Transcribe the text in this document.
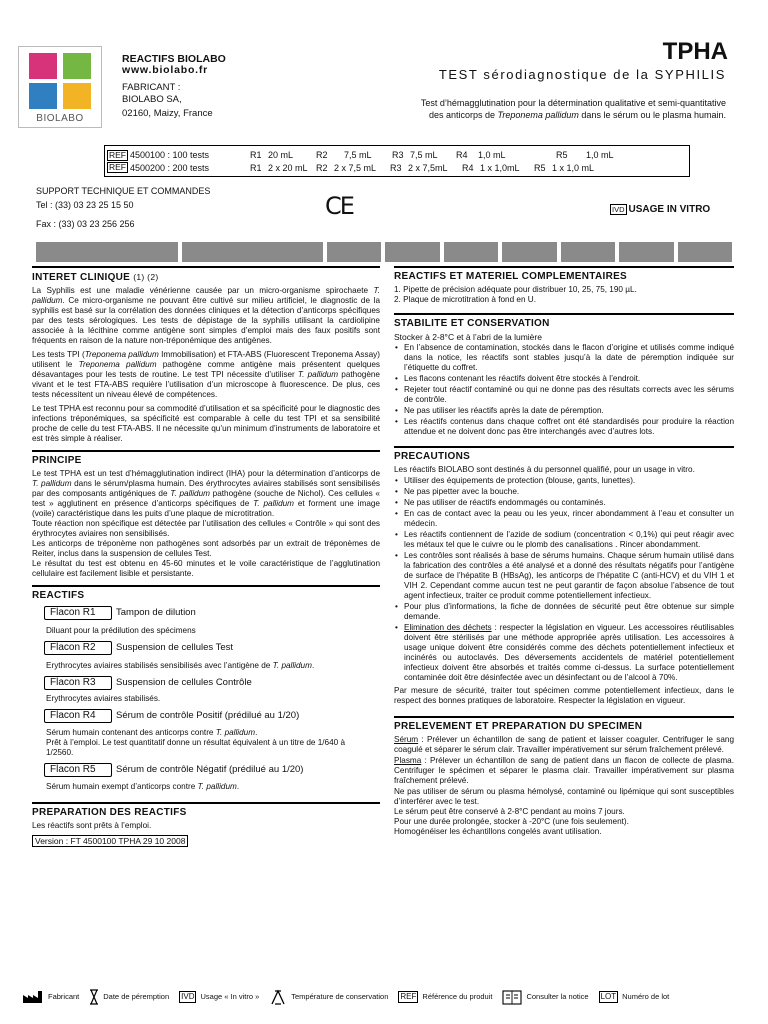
BIOLABO
REACTIFS BIOLABO
www.biolabo.fr
FABRICANT :
BIOLABO SA,
02160, Maizy, France
TPHA
TEST sérodiagnostique de la SYPHILIS
Test d’hémagglutination pour la détermination qualitative et semi-quantitative
des anticorps de Treponema pallidum dans le sérum ou le plasma humain.
REF 4500100 : 100 tests	R1 20 mL	R2	7,5 mL	R3 7,5 mL	R4	1,0 mL	R5	1,0 mL
REF 4500200 : 200 tests	R1 2 x 20 mL R2 2 x 7,5 mL	R3 2 x 7,5mL	R4 1 x 1,0mL	R5 1 x 1,0 mL
SUPPORT TECHNIQUE ET COMMANDES
Tel : (33) 03 23 25 15 50
Fax : (33) 03 23 256 256
CE	IVD USAGE IN VITRO
INTERET CLINIQUE (1) (2)
La Syphilis est une maladie vénérienne causée par un micro-organisme spirochaete T. pallidum. Ce micro-organisme ne pouvant être cultivé sur milieu artificiel, le diagnostic de la syphilis est basé sur la corrélation des données cliniques et la détection d’anticorps spécifiques par des tests sérologiques. Les tests de dépistage de la syphilis utilisant la cardiolipine associée à la lécithine comme antigène sont simples d’emploi mais des faux positifs sont fréquents en raison de la nature non-tréponémique des antigènes.
Les tests TPI (Treponema pallidum Immobilisation) et FTA-ABS (Fluorescent Treponema Assay) utilisent le Treponema pallidum pathogène comme antigène mais présentent quelques désavantages pour les tests de routine. Le test TPI nécessite d’utiliser T. pallidum pathogène vivant et le test FTA-ABS requière l’utilisation d’un microscope à fluorescence. De plus, ces tests nécessitent un niveau élevé de compétences.
Le test TPHA est reconnu pour sa commodité d’utilisation et sa spécificité pour le diagnostic des infections tréponémiques, sa spécificité est comparable à celle du test TPI et sa sensibilité proche de celle du test FTA-ABS. Il ne nécessite qu’un minimum d’instruments de laboratoire et est très simple à réaliser.
PRINCIPE
Le test TPHA est un test d’hémagglutination indirect (IHA) pour la détermination d’anticorps de T. pallidum dans le sérum/plasma humain. Des érythrocytes aviaires stabilisés sont sensibilisés par des composants antigéniques de T. pallidum pathogène (souche de Nichol). Ces cellules « test » agglutinent en présence d’anticorps spécifiques de T. pallidum et forment une image (voile) caractéristique dans les puits d’une plaque de microtitration.
Toute réaction non spécifique est détectée par l’utilisation des cellules « Contrôle » qui sont des érythrocytes aviaires non sensibilisés.
Les anticorps de tréponème non pathogènes sont adsorbés par un extrait de tréponèmes de Reiter, inclus dans la suspension de cellules Test.
Le résultat du test est obtenu en 45-60 minutes et le voile caractéristique de l’agglutination cellulaire est facilement lisible et persistante.
REACTIFS
Flacon R1	Tampon de dilution
Diluant pour la prédilution des spécimens
Flacon R2	Suspension de cellules Test
Erythrocytes aviaires stabilisés sensibilisés avec l’antigène de T. pallidum.
Flacon R3	Suspension de cellules Contrôle
Erythrocytes aviaires stabilisés.
Flacon R4	Sérum de contrôle Positif (prédilué au 1/20)
Sérum humain contenant des anticorps contre T. pallidum.
Prêt à l’emploi. Le test quantitatif donne un résultat équivalent à un titre de 1/640 à 1/2560.
Flacon R5	Sérum de contrôle Négatif (prédilué au 1/20)
Sérum humain exempt d’anticorps contre T. pallidum.
PREPARATION DES REACTIFS
Les réactifs sont prêts à l’emploi.
Version : FT 4500100 TPHA 29 10 2008
REACTIFS ET MATERIEL COMPLEMENTAIRES
1. Pipette de précision adéquate pour distribuer 10, 25, 75, 190 µL.
2. Plaque de microtitration à fond en U.
STABILITE ET CONSERVATION
Stocker à 2-8°C et à l’abri de la lumière
• En l’absence de contamination, stockés dans le flacon d’origine et utilisés comme indiqué dans la notice, les réactifs sont stables jusqu’à la date de péremption indiquée sur l’étiquette du coffret.
• Les flacons contenant les réactifs doivent être stockés à l’endroit.
• Rejeter tout réactif contaminé ou qui ne donne pas des résultats corrects avec les sérums de contrôle.
• Ne pas utiliser les réactifs après la date de péremption.
• Les réactifs contenus dans chaque coffret ont été standardisés pour produire la réaction attendue et ne doivent donc pas être interchangés avec d’autres lots.
PRECAUTIONS
Les réactifs BIOLABO sont destinés à du personnel qualifié, pour un usage in vitro.
• Utiliser des équipements de protection (blouse, gants, lunettes).
• Ne pas pipetter avec la bouche.
• Ne pas utiliser de réactifs endommagés ou contaminés.
• En cas de contact avec la peau ou les yeux, rincer abondamment à l’eau et consulter un médecin.
• Les réactifs contiennent de l’azide de sodium (concentration < 0,1%) qui peut réagir avec les métaux tel que le cuivre ou le plomb des canalisations . Rincer abondamment.
• Les contrôles sont réalisés à base de sérums humains. Chaque sérum humain utilisé dans la fabrication des contrôles a été analysé et a donné des résultats négatifs pour l’antigène de surface de l’hépatite B (HBsAg), les anticorps de l’hépatite C (anti-HCV) et du VIH 1 et VIH 2. Cependant comme aucun test ne peut garantir de façon absolue l’absence de tout agent infectieux, traiter ce produit comme potentiellement infectieux.
• Pour plus d’informations, la fiche de données de sécurité peut être obtenue sur simple demande.
• Elimination des déchets : respecter la législation en vigueur. Les accessoires réutilisables doivent être stérilisés par une méthode appropriée après utilisation. Les accessoires à usage unique doivent être considérés comme des déchets potentiellement infectieux et incinérés ou autoclavés. Des déversements accidentels de matériel potentiellement infectieux doivent être absorbés et traités comme ci-dessus. La surface potentiellement contaminée doit être désinfectée avec un désinfectant ou de l’alcool à 70%.
Par mesure de sécurité, traiter tout spécimen comme potentiellement infectieux, dans le respect des bonnes pratiques de laboratoire. Respecter la législation en vigueur.
PRELEVEMENT ET PREPARATION DU SPECIMEN
Sérum : Prélever un échantillon de sang de patient et laisser coaguler. Centrifuger le sang coagulé et séparer le sérum clair. Travailler impérativement sur sérum fraîchement prélevé.
Plasma : Prélever un échantillon de sang de patient dans un flacon de collecte de plasma. Centrifuger le spécimen et séparer le plasma clair. Travailler impérativement sur plasma fraîchement prélevé.
Ne pas utiliser de sérum ou plasma hémolysé, contaminé ou lipémique qui sont susceptibles d’interférer avec le test.
Le sérum peut être conservé à 2-8°C pendant au moins 7 jours.
Pour une durée prolongée, stocker à -20°C (une fois seulement).
Homogénéiser les échantillons congelés avant utilisation.
Fabricant	Date de péremption IVD Usage « In vitro »	Température de conservation REF Référence du produit	Consulter la notice LOT Numéro de lot
